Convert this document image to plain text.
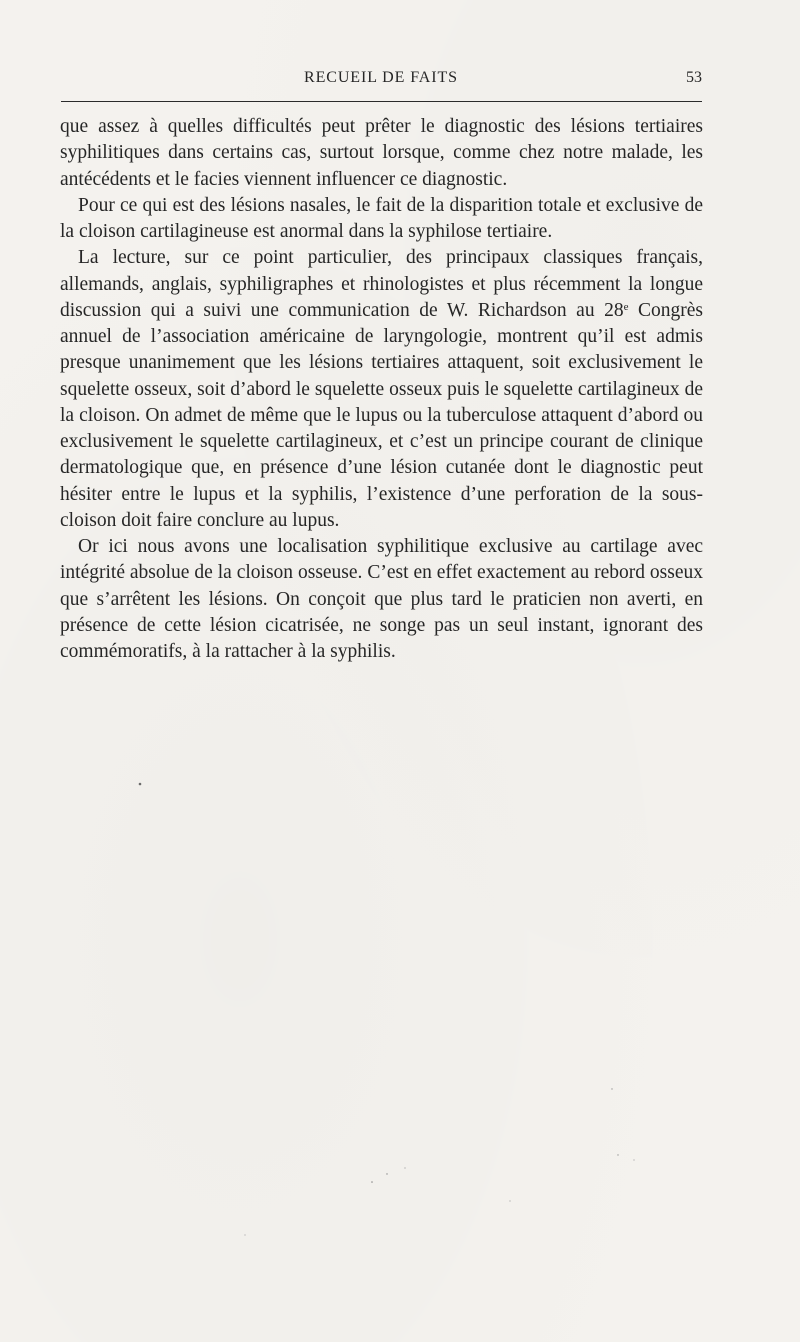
RECUEIL DE FAITS	53

que assez à quelles difficultés peut prêter le diagnostic des lésions tertiaires syphilitiques dans certains cas, surtout lorsque, comme chez notre malade, les antécédents et le facies viennent influencer ce diagnostic.

Pour ce qui est des lésions nasales, le fait de la disparition totale et exclusive de la cloison cartilagineuse est anormal dans la syphilose tertiaire.

La lecture, sur ce point particulier, des principaux classiques français, allemands, anglais, syphiligraphes et rhinologistes et plus récemment la longue discussion qui a suivi une communication de W. Richardson au 28e Congrès annuel de l’association américaine de laryngologie, montrent qu’il est admis presque unanimement que les lésions tertiaires attaquent, soit exclusivement le squelette osseux, soit d’abord le squelette osseux puis le squelette cartilagineux de la cloison. On admet de même que le lupus ou la tuberculose attaquent d’abord ou exclusivement le squelette cartilagineux, et c’est un principe courant de clinique dermatologique que, en présence d’une lésion cutanée dont le diagnostic peut hésiter entre le lupus et la syphilis, l’existence d’une perforation de la sous-cloison doit faire conclure au lupus.

Or ici nous avons une localisation syphilitique exclusive au cartilage avec intégrité absolue de la cloison osseuse. C’est en effet exactement au rebord osseux que s’arrêtent les lésions. On conçoit que plus tard le praticien non averti, en présence de cette lésion cicatrisée, ne songe pas un seul instant, ignorant des commémoratifs, à la rattacher à la syphilis.
